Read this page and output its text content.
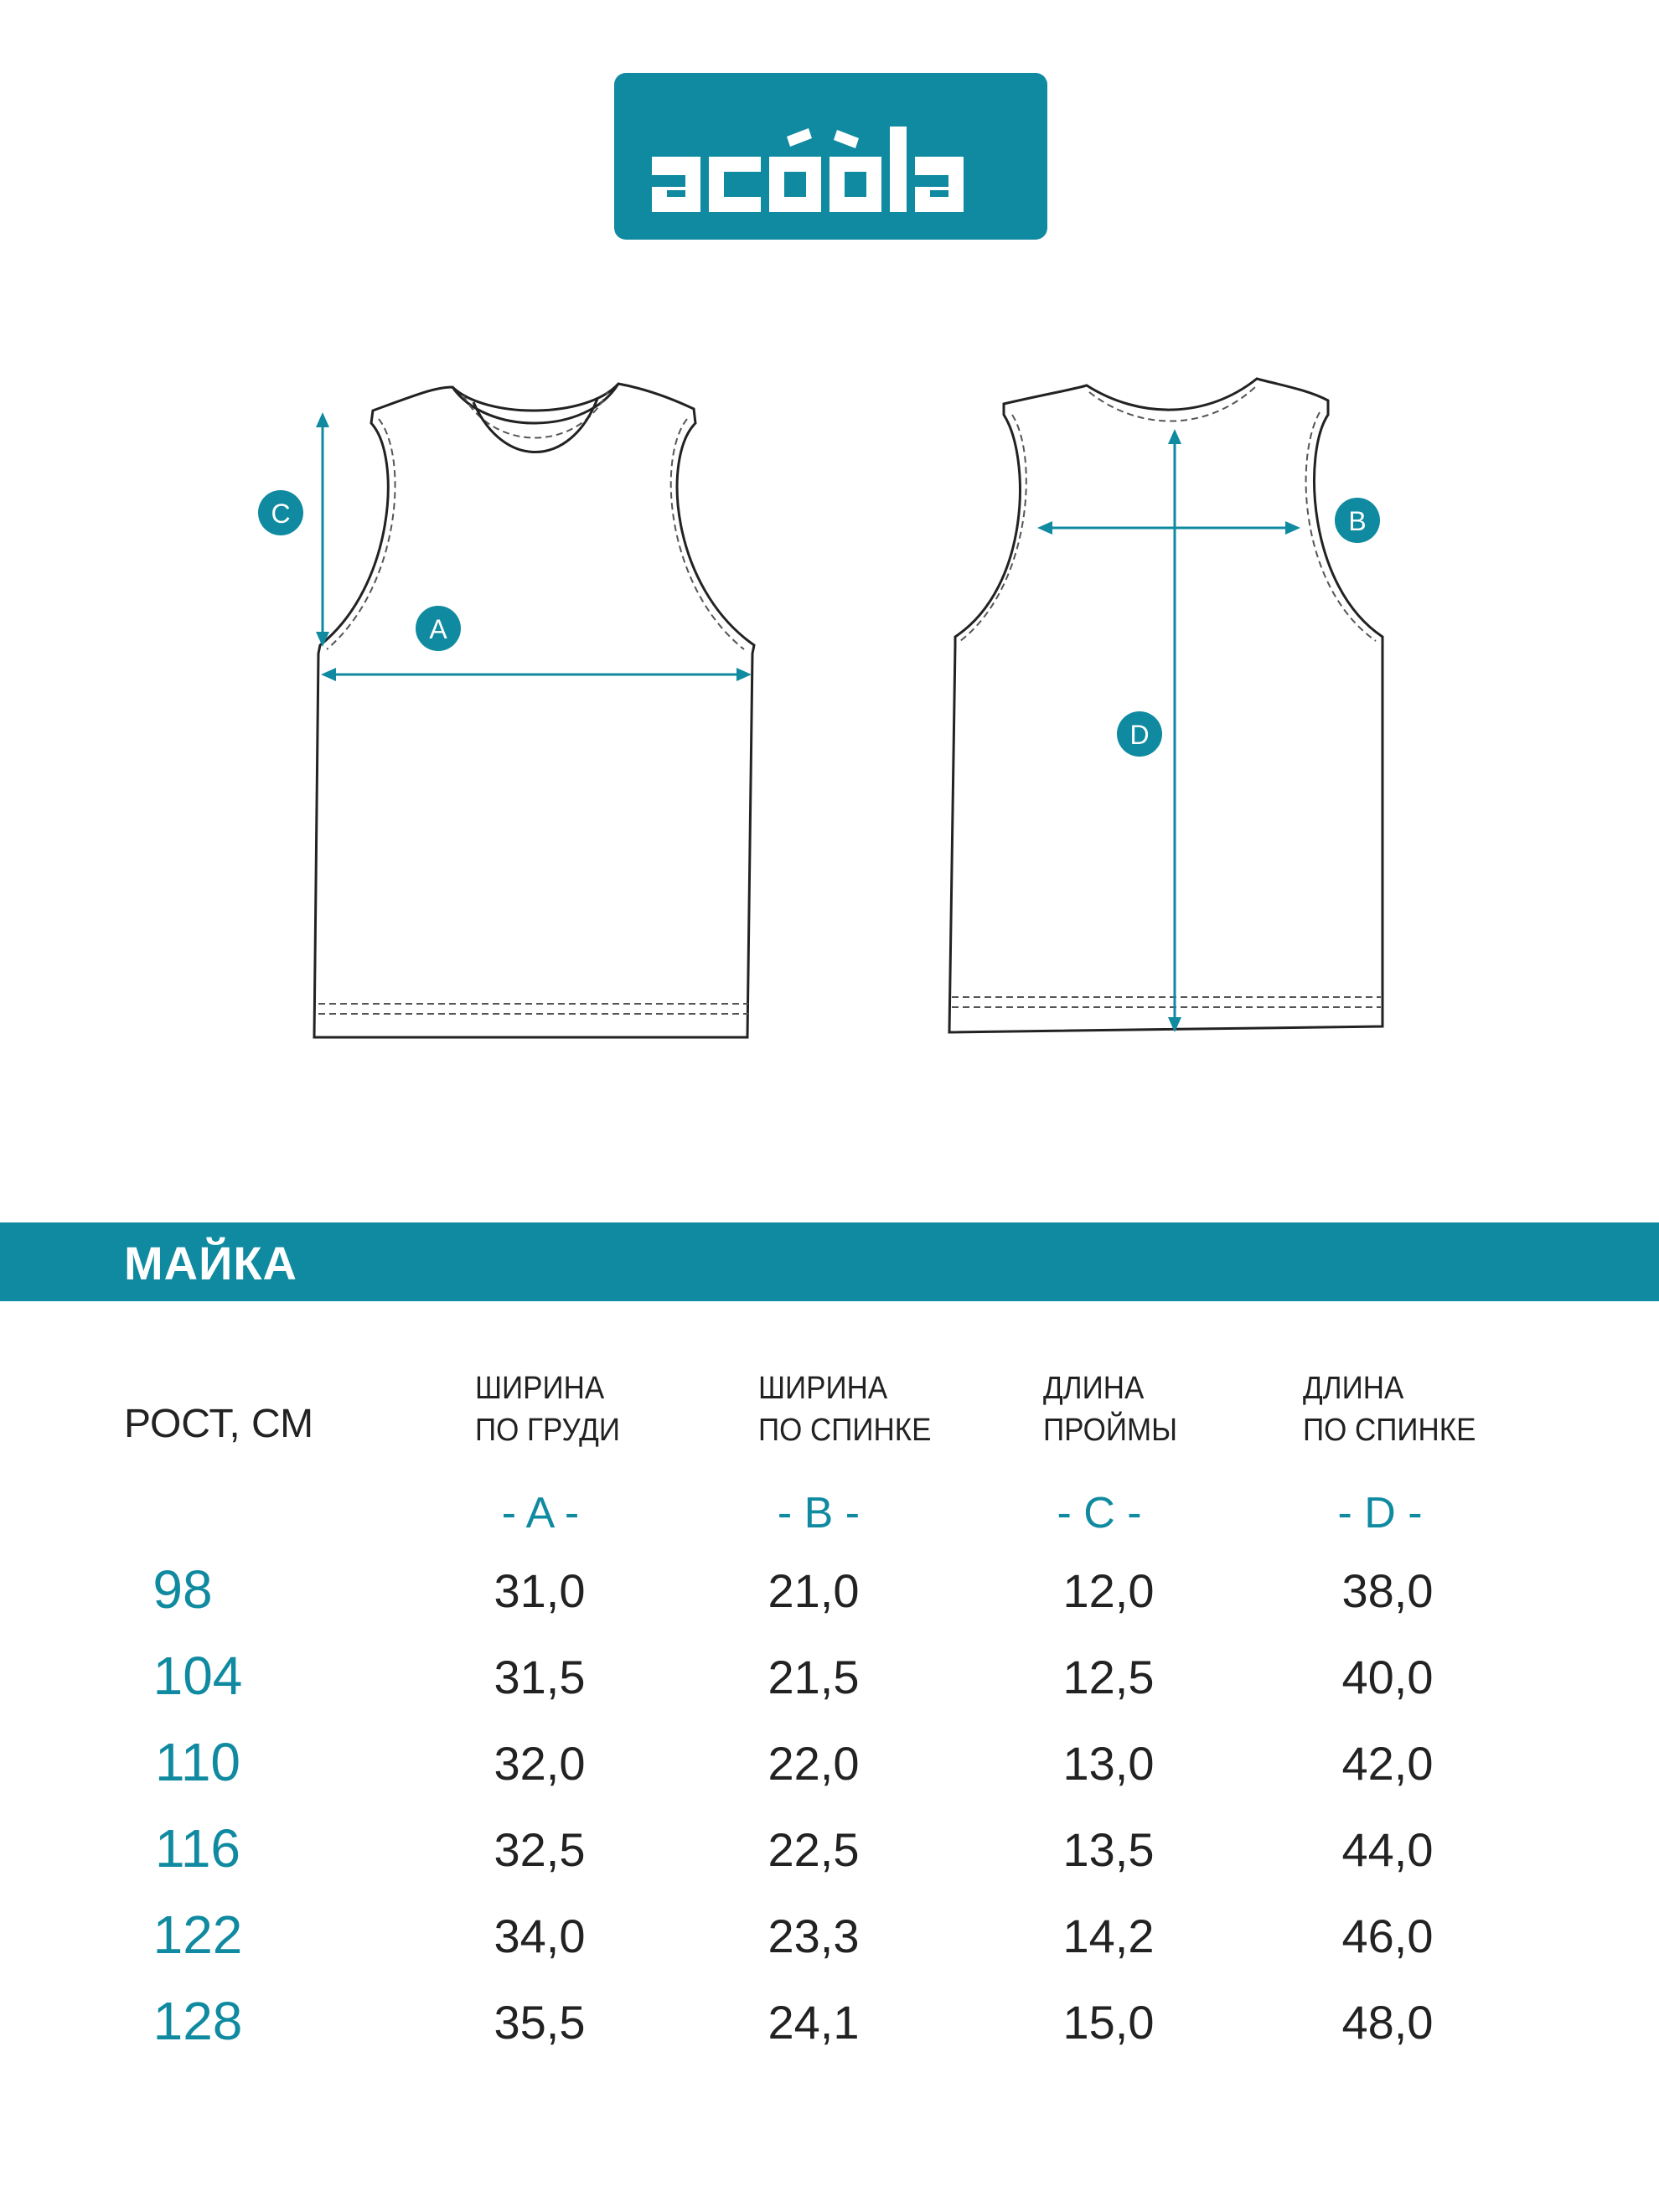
C
A
B
D
МАЙКА
РОСТ, СМ
ШИРИНА
ПО ГРУДИ
ШИРИНА
ПО СПИНКЕ
ДЛИНА
ПРОЙМЫ
ДЛИНА
ПО СПИНКЕ
- A -	- B -	- C -	- D -
98	31,0	21,0	12,0	38,0
104	31,5	21,5	12,5	40,0
110	32,0	22,0	13,0	42,0
116	32,5	22,5	13,5	44,0
122	34,0	23,3	14,2	46,0
128	35,5	24,1	15,0	48,0
